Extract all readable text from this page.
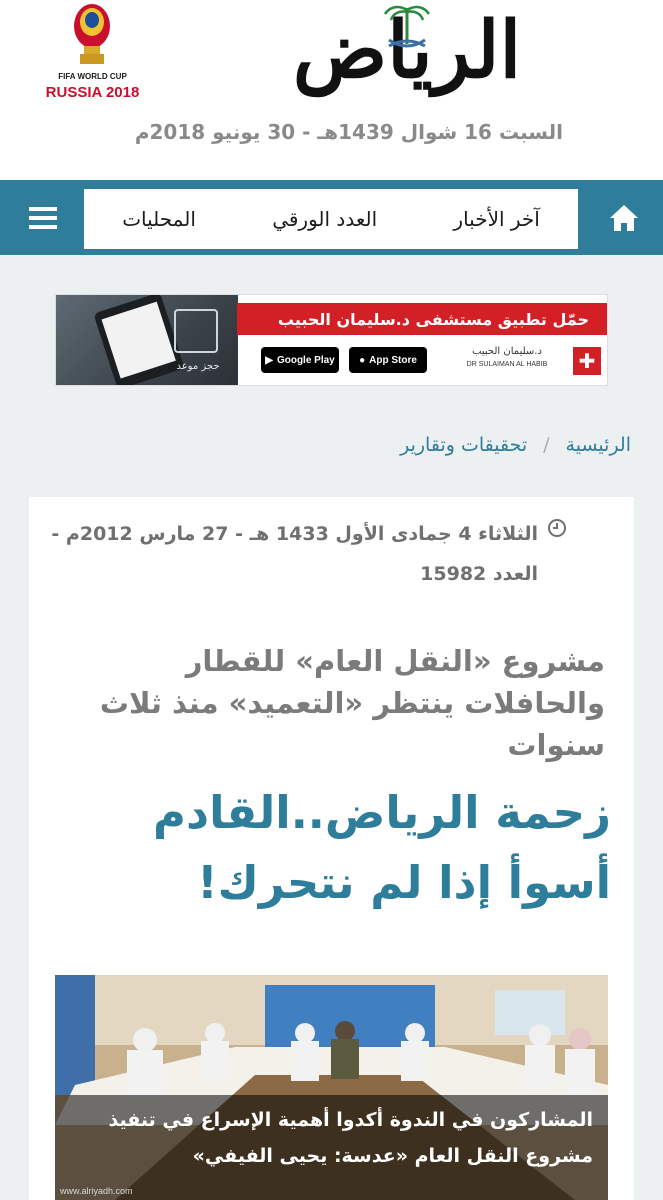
الرياض
FIFA WORLD CUP
RUSSIA 2018
السبت 16 شوال 1439هـ - 30 يونيو 2018م
آخر الأخبار
العدد الورقي
المحليات
حجز موعد
حمّل تطبيق مستشفى د.سليمان الحبيب
▶ Google Play ● App Store
د.سليمان الحبيب
DR SULAIMAN AL HABIB	✚
الرئيسية
/
تحقيقات وتقارير
الثلاثاء 4 جمادى الأول 1433 هـ - 27 مارس 2012م - العدد 15982
مشروع «النقل العام» للقطار والحافلات ينتظر «التعميد» منذ ثلاث سنوات
زحمة الرياض..القادم أسوأ إذا لم نتحرك!
المشاركون في الندوة أكدوا أهمية الإسراع في تنفيذ مشروع النقل العام «عدسة: يحيى الفيفي»
www.alriyadh.com
